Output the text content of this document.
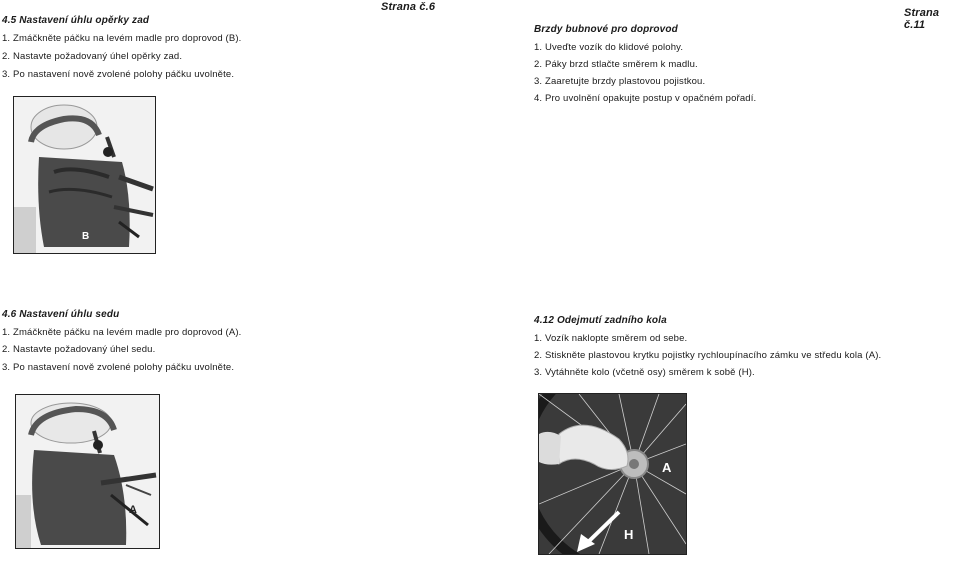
Strana č.6	Strana č.11
4.5 Nastavení úhlu opěrky zad
1. Zmáčkněte páčku na levém madle pro doprovod (B).
2. Nastavte požadovaný úhel opěrky zad.
3. Po nastavení nově zvolené polohy páčku uvolněte.
B
Brzdy bubnové pro doprovod
1. Uveďte vozík do klidové polohy.
2. Páky brzd stlačte směrem k madlu.
3. Zaaretujte brzdy plastovou pojistkou.
4. Pro uvolnění opakujte postup v opačném pořadí.
4.6 Nastavení úhlu sedu
1. Zmáčkněte páčku na levém madle pro doprovod (A).
2. Nastavte požadovaný úhel sedu.
3. Po nastavení nově zvolené polohy páčku uvolněte.
A
4.12 Odejmutí zadního kola
1. Vozík naklopte směrem od sebe.
2. Stiskněte plastovou krytku pojistky rychloupínacího zámku ve středu kola (A).
3. Vytáhněte kolo (včetně osy) směrem k sobě (H).
A
H
